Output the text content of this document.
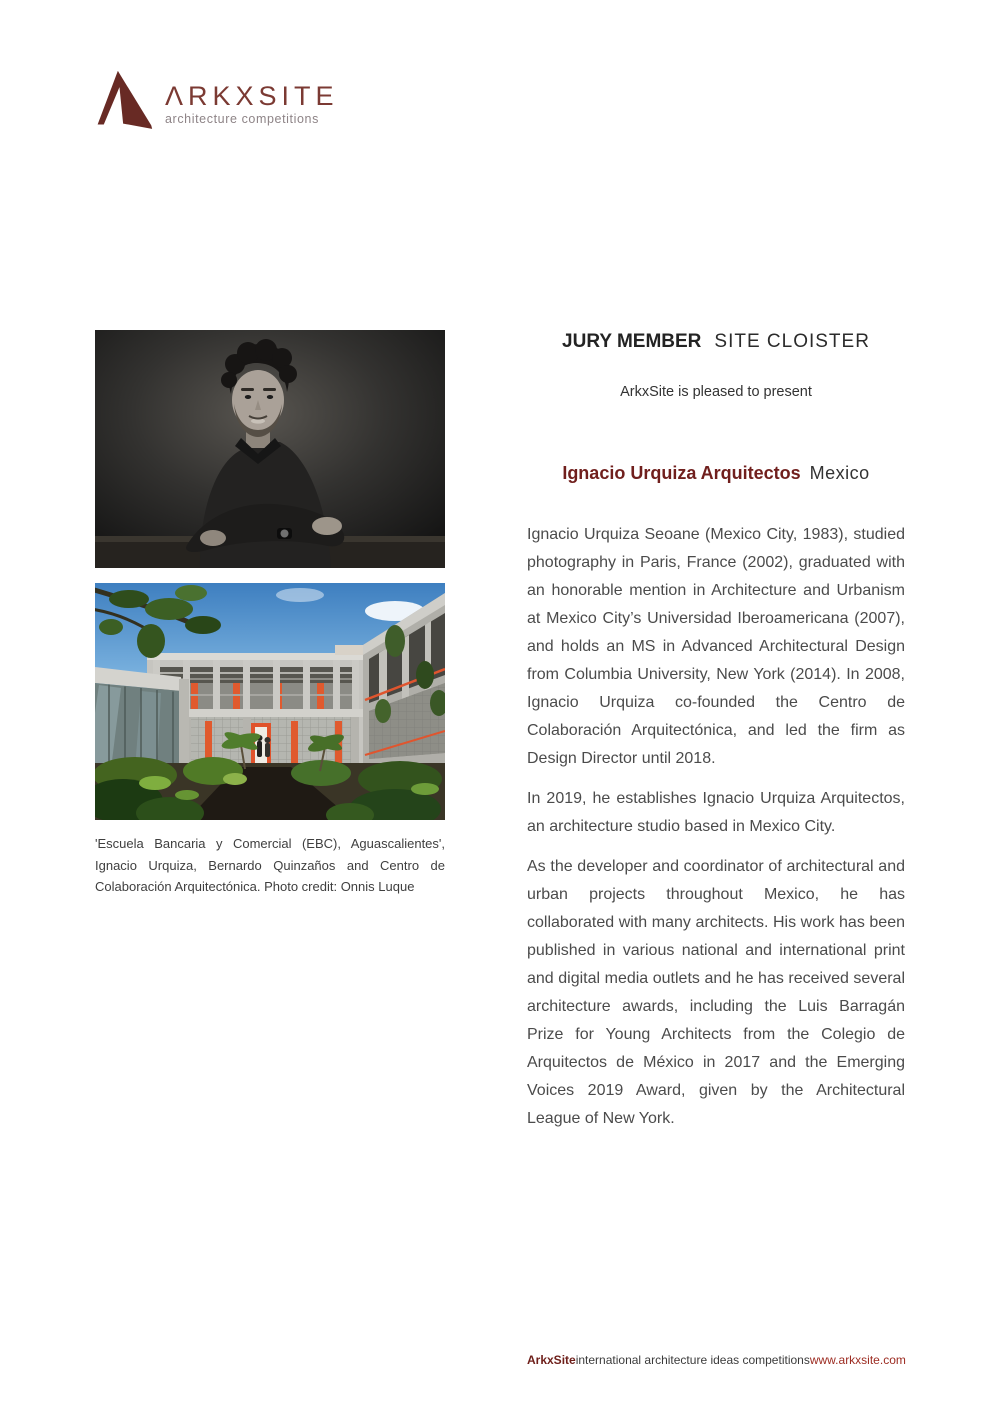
ΛRKXSITE
architecture competitions
'Escuela Bancaria y Comercial (EBC), Aguascalientes', Ignacio Urquiza, Bernardo Quinzaños and Centro de Colaboración Arquitectónica. Photo credit: Onnis Luque
JURY MEMBER SITE CLOISTER
ArkxSite is pleased to present
Ignacio Urquiza Arquitectos Mexico

Ignacio Urquiza Seoane (Mexico City, 1983), studied photography in Paris, France (2002), graduated with an honorable mention in Architecture and Urbanism at Mexico City’s Universidad Iberoamericana (2007), and holds an MS in Advanced Architectural Design from Columbia University, New York (2014). In 2008, Ignacio Urquiza co-founded the Centro de Colaboración Arquitectónica, and led the firm as Design Director until 2018.

In 2019, he establishes Ignacio Urquiza Arquitectos, an architecture studio based in Mexico City.

As the developer and coordinator of architectural and urban projects throughout Mexico, he has collaborated with many architects. His work has been published in various national and international print and digital media outlets and he has received several architecture awards, including the Luis Barragán Prize for Young Architects from the Colegio de Arquitectos de México in 2017 and the Emerging Voices 2019 Award, given by the Architectural League of New York.

ArkxSite international architecture ideas competitions www.arkxsite.com
